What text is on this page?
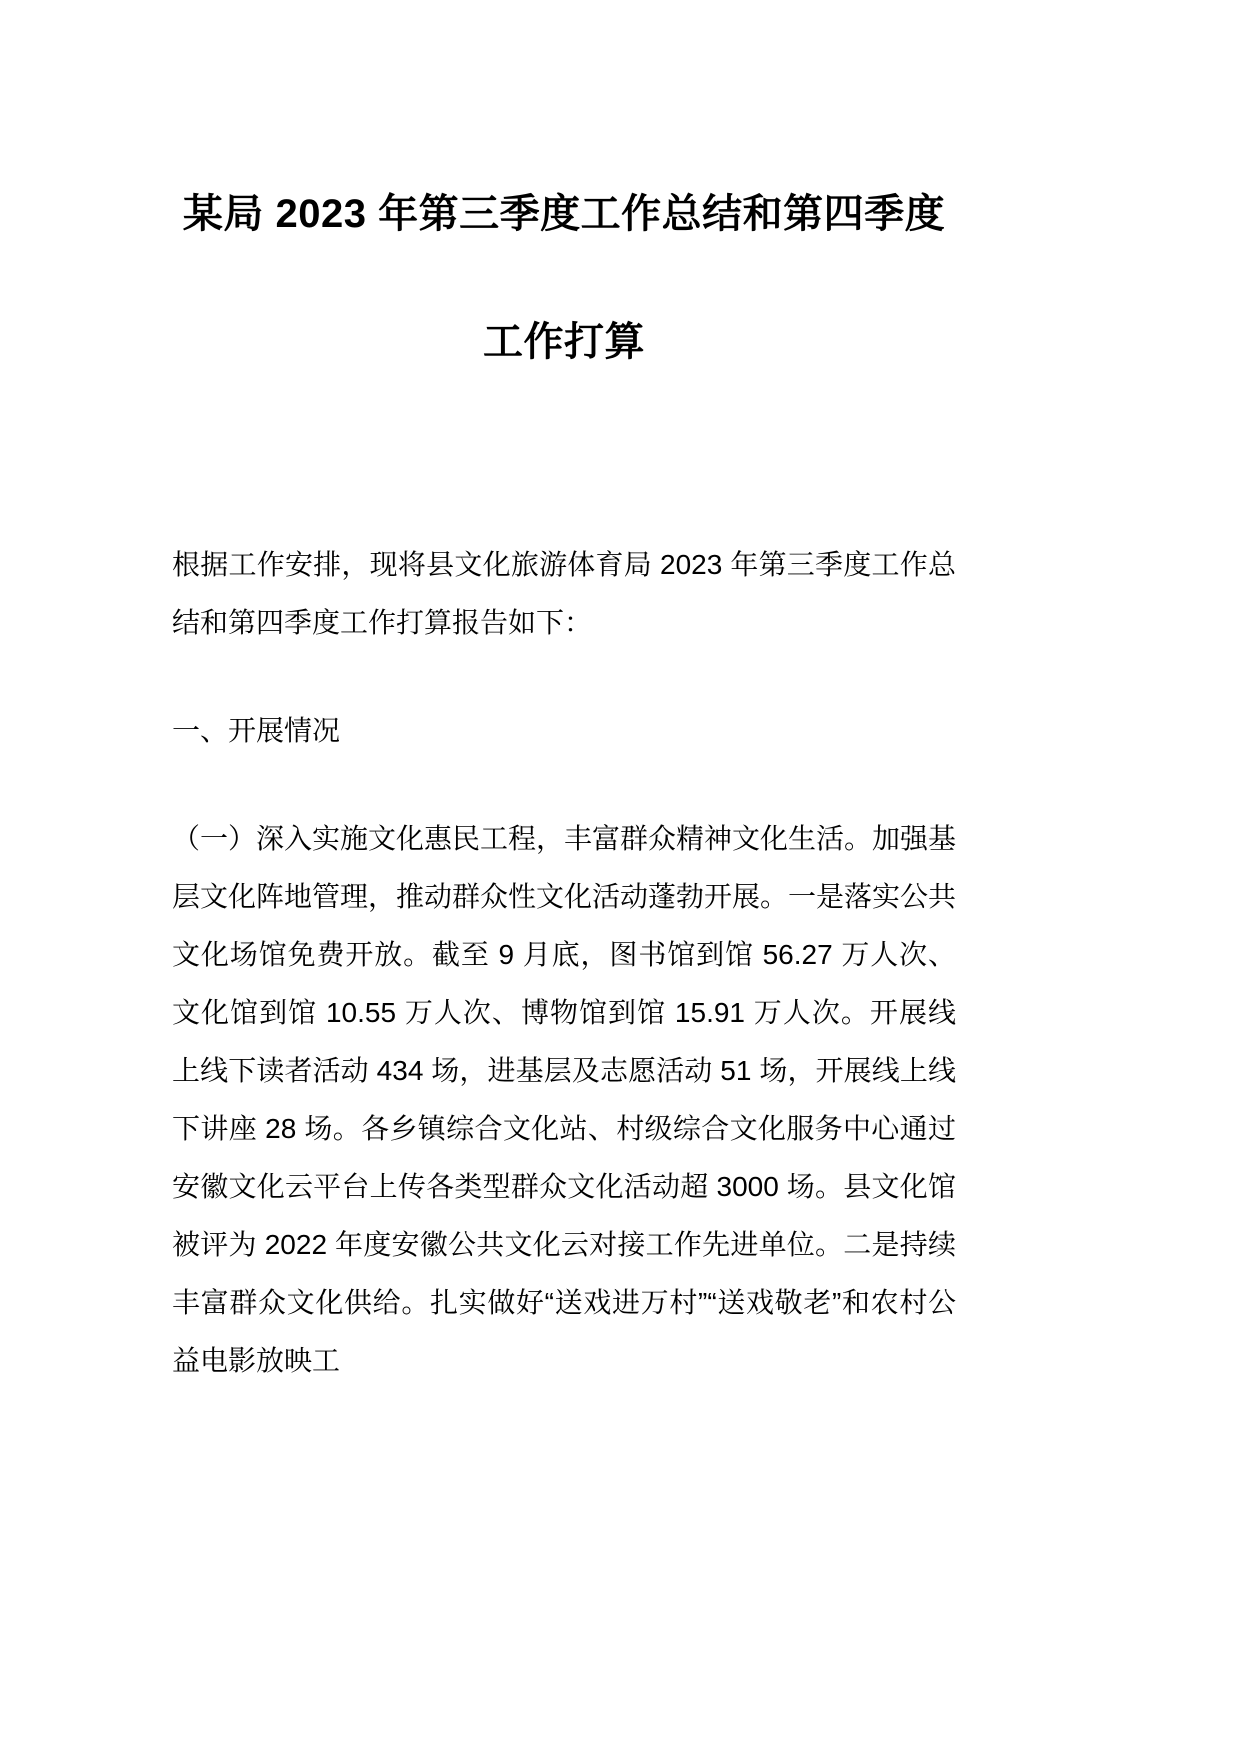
某局 2023 年第三季度工作总结和第四季度
工作打算

根据工作安排，现将县文化旅游体育局 2023 年第三季度工作总结和第四季度工作打算报告如下：

一、开展情况

（一）深入实施文化惠民工程，丰富群众精神文化生活。加强基层文化阵地管理，推动群众性文化活动蓬勃开展。一是落实公共文化场馆免费开放。截至 9 月底，图书馆到馆 56.27 万人次、文化馆到馆 10.55 万人次、博物馆到馆 15.91 万人次。开展线上线下读者活动 434 场，进基层及志愿活动 51 场，开展线上线下讲座 28 场。各乡镇综合文化站、村级综合文化服务中心通过安徽文化云平台上传各类型群众文化活动超 3000 场。县文化馆被评为 2022 年度安徽公共文化云对接工作先进单位。二是持续丰富群众文化供给。扎实做好“送戏进万村”“送戏敬老”和农村公益电影放映工
